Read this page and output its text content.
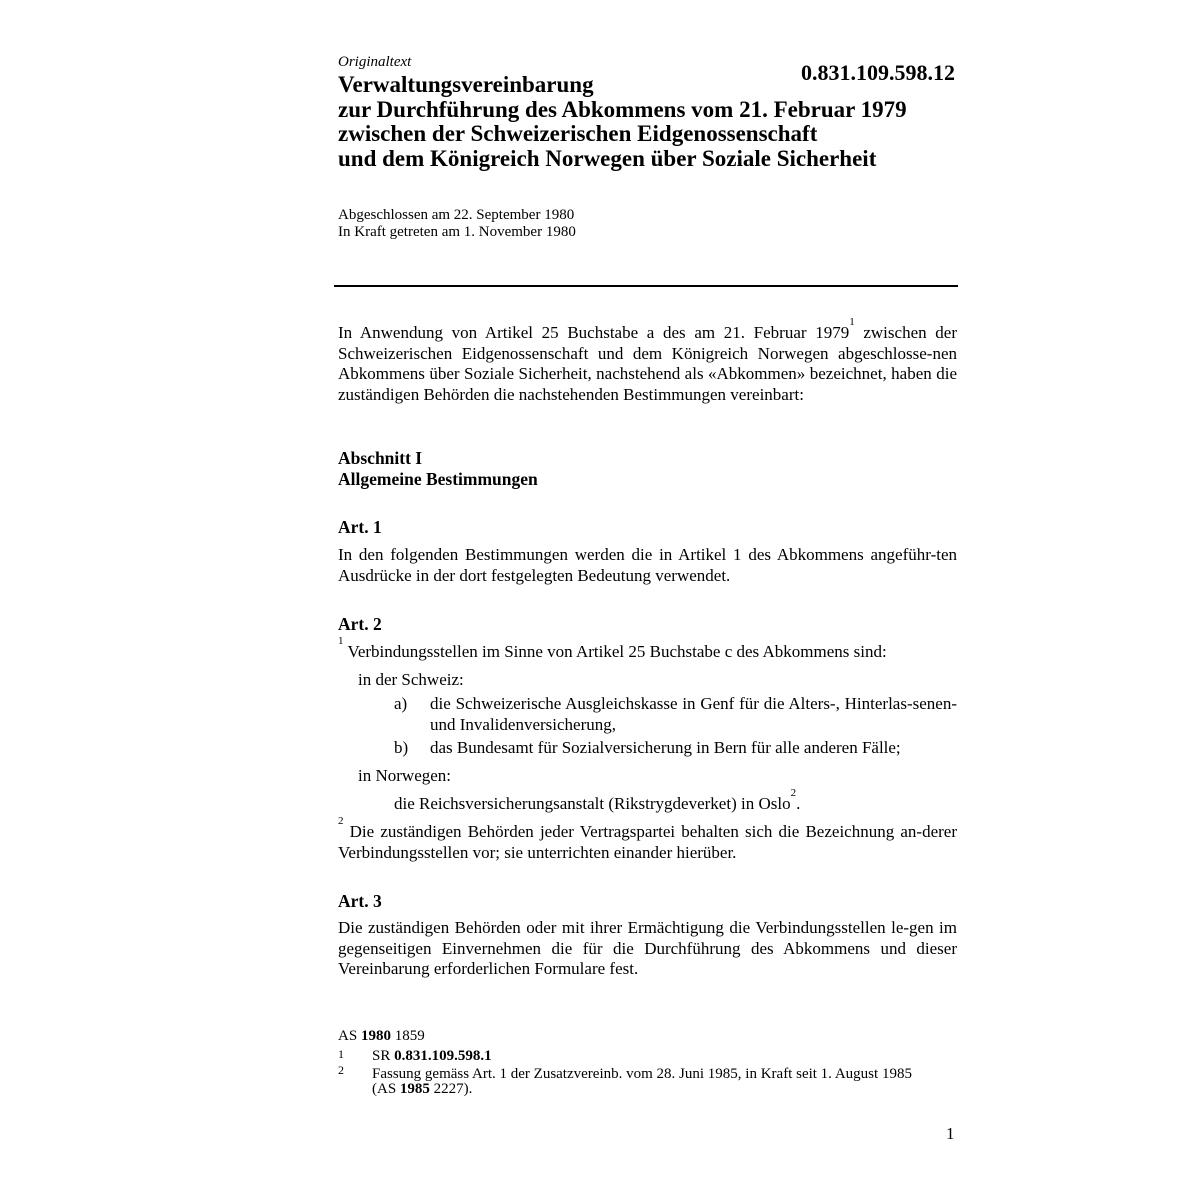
Originaltext	0.831.109.598.12
Verwaltungsvereinbarung
zur Durchführung des Abkommens vom 21. Februar 1979
zwischen der Schweizerischen Eidgenossenschaft
und dem Königreich Norwegen über Soziale Sicherheit
Abgeschlossen am 22. September 1980
In Kraft getreten am 1. November 1980
In Anwendung von Artikel 25 Buchstabe a des am 21. Februar 1979$^1$ zwischen der Schweizerischen Eidgenossenschaft und dem Königreich Norwegen abgeschlosse-nen Abkommens über Soziale Sicherheit, nachstehend als «Abkommen» bezeichnet, haben die zuständigen Behörden die nachstehenden Bestimmungen vereinbart:
Abschnitt I
Allgemeine Bestimmungen
Art. 1
In den folgenden Bestimmungen werden die in Artikel 1 des Abkommens angeführ-ten Ausdrücke in der dort festgelegten Bedeutung verwendet.
Art. 2
$^1$ Verbindungsstellen im Sinne von Artikel 25 Buchstabe c des Abkommens sind:
in der Schweiz:
a) die Schweizerische Ausgleichskasse in Genf für die Alters-, Hinterlas-senen- und Invalidenversicherung,
b) das Bundesamt für Sozialversicherung in Bern für alle anderen Fälle;
in Norwegen:
die Reichsversicherungsanstalt (Rikstrygdeverket) in Oslo$^2$.
$^2$ Die zuständigen Behörden jeder Vertragspartei behalten sich die Bezeichnung an-derer Verbindungsstellen vor; sie unterrichten einander hierüber.
Art. 3
Die zuständigen Behörden oder mit ihrer Ermächtigung die Verbindungsstellen le-gen im gegenseitigen Einvernehmen die für die Durchführung des Abkommens und dieser Vereinbarung erforderlichen Formulare fest.
AS 1980 1859
1 SR 0.831.109.598.1
2 Fassung gemäss Art. 1 der Zusatzvereinb. vom 28. Juni 1985, in Kraft seit 1. August 1985 (AS 1985 2227).
1
